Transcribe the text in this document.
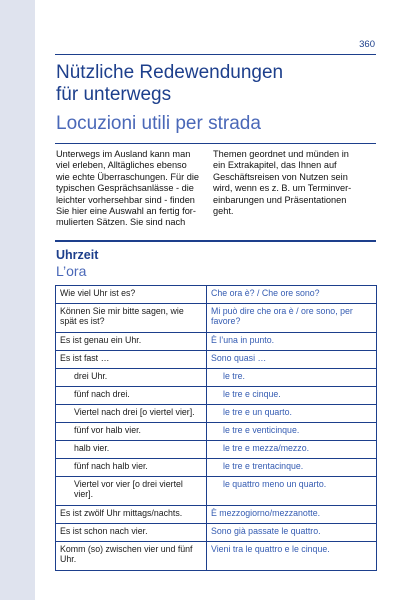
360
Nützliche Redewendungen
für unterwegs
Locuzioni utili per strada
Unterwegs im Ausland kann man
viel erleben, Alltägliches ebenso
wie echte Überraschungen. Für die
typischen Gesprächsanlässe - die
leichter vorhersehbar sind - finden
Sie hier eine Auswahl an fertig for-
mulierten Sätzen. Sie sind nach
Themen geordnet und münden in
ein Extrakapitel, das Ihnen auf
Geschäftsreisen von Nutzen sein
wird, wenn es z. B. um Terminver-
einbarungen und Präsentationen
geht.
Uhrzeit
L’ora
Wie viel Uhr ist es?	Che ora è? / Che ore sono?
Können Sie mir bitte sagen, wie spät es ist?	Mi può dire che ora è / ore sono, per favore?
Es ist genau ein Uhr.	È l’una in punto.
Es ist fast …	Sono quasi …
drei Uhr.	le tre.
fünf nach drei.	le tre e cinque.
Viertel nach drei [o viertel vier].	le tre e un quarto.
fünf vor halb vier.	le tre e venticinque.
halb vier.	le tre e mezza/mezzo.
fünf nach halb vier.	le tre e trentacinque.
Viertel vor vier [o drei viertel vier].	le quattro meno un quarto.
Es ist zwölf Uhr mittags/nachts.	È mezzogiorno/mezzanotte.
Es ist schon nach vier.	Sono già passate le quattro.
Komm (so) zwischen vier und fünf Uhr.	Vieni tra le quattro e le cinque.
